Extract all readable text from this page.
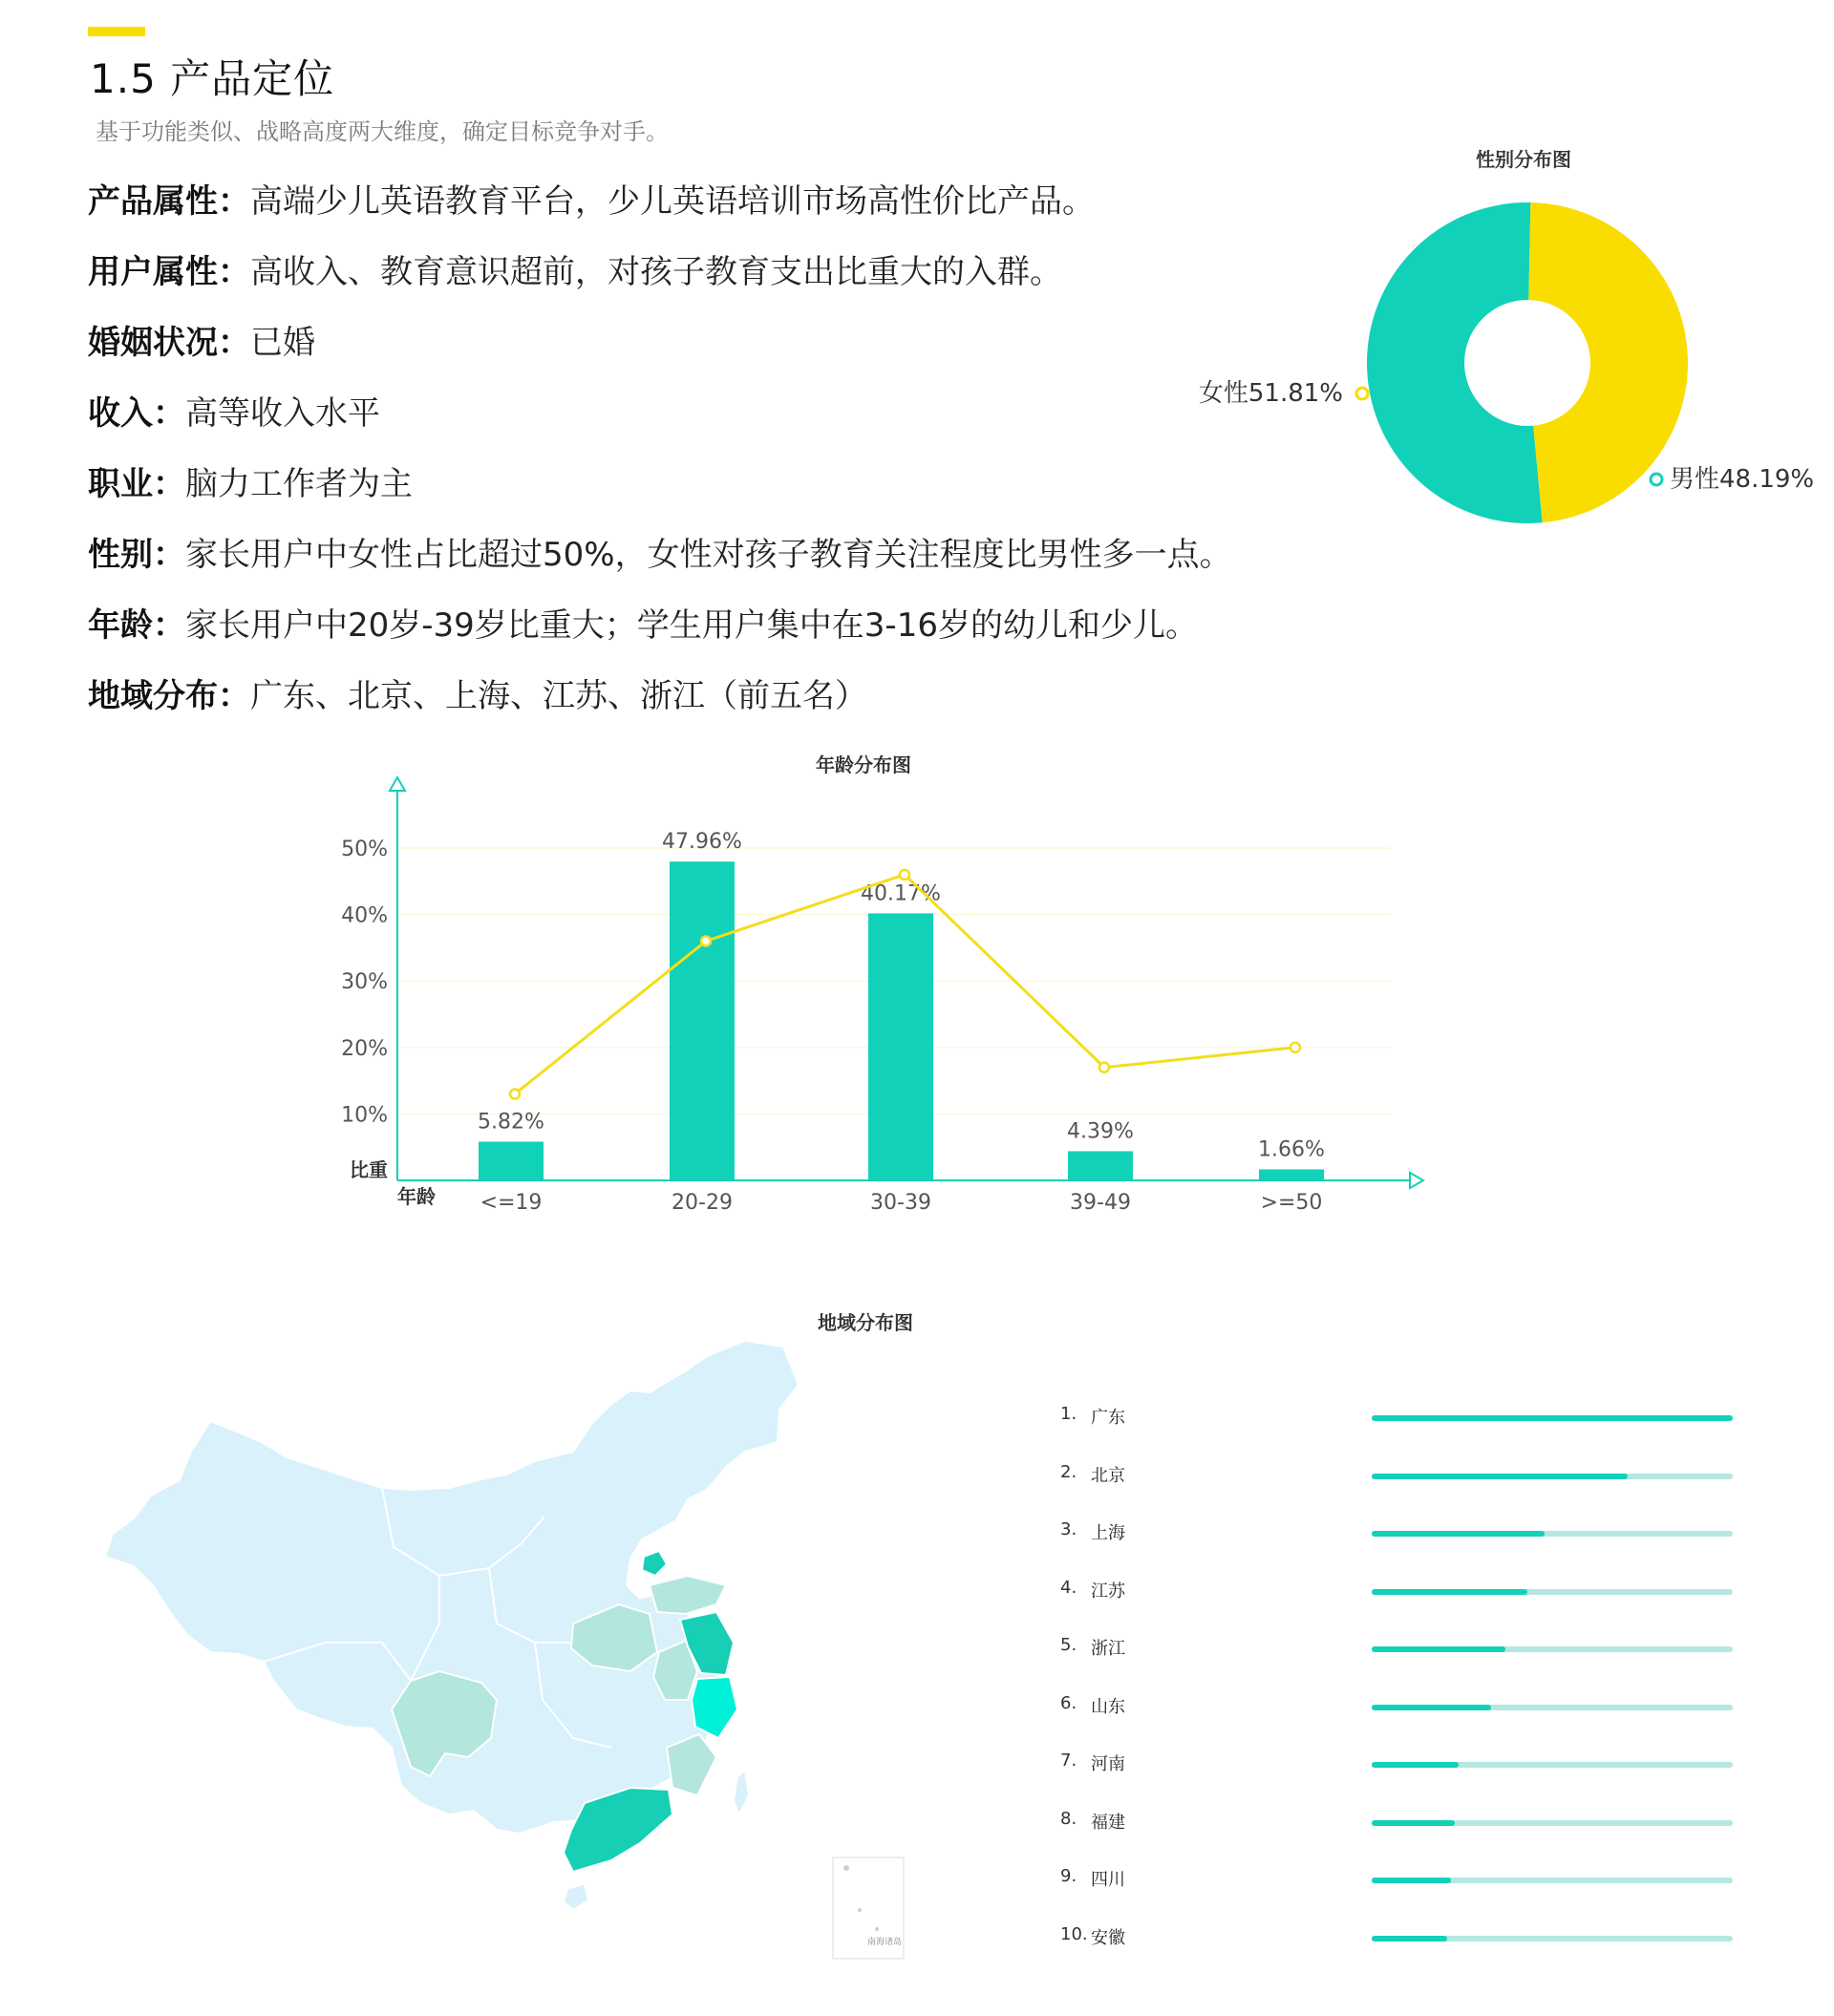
1.5 产品定位
基于功能类似、战略高度两大维度，确定目标竞争对手。
产品属性：高端少儿英语教育平台，少儿英语培训市场高性价比产品。
用户属性：高收入、教育意识超前，对孩子教育支出比重大的入群。
婚姻状况：已婚
收入：高等收入水平
职业：脑力工作者为主
性别：家长用户中女性占比超过50%，女性对孩子教育关注程度比男性多一点。
年龄：家长用户中20岁-39岁比重大；学生用户集中在3-16岁的幼儿和少儿。
地域分布：广东、北京、上海、江苏、浙江（前五名）
性别分布图
女性51.81%
男性48.19%
年龄分布图
10%
20%
30%
40%
50%
5.82%
47.96%
40.17%
4.39%
1.66%
<=19	20-29	30-39	39-49	>=50
比重
年龄
地域分布图
南海诸岛
1. 广东
2. 北京
3. 上海
4. 江苏
5. 浙江
6. 山东
7. 河南
8. 福建
9. 四川
10. 安徽
